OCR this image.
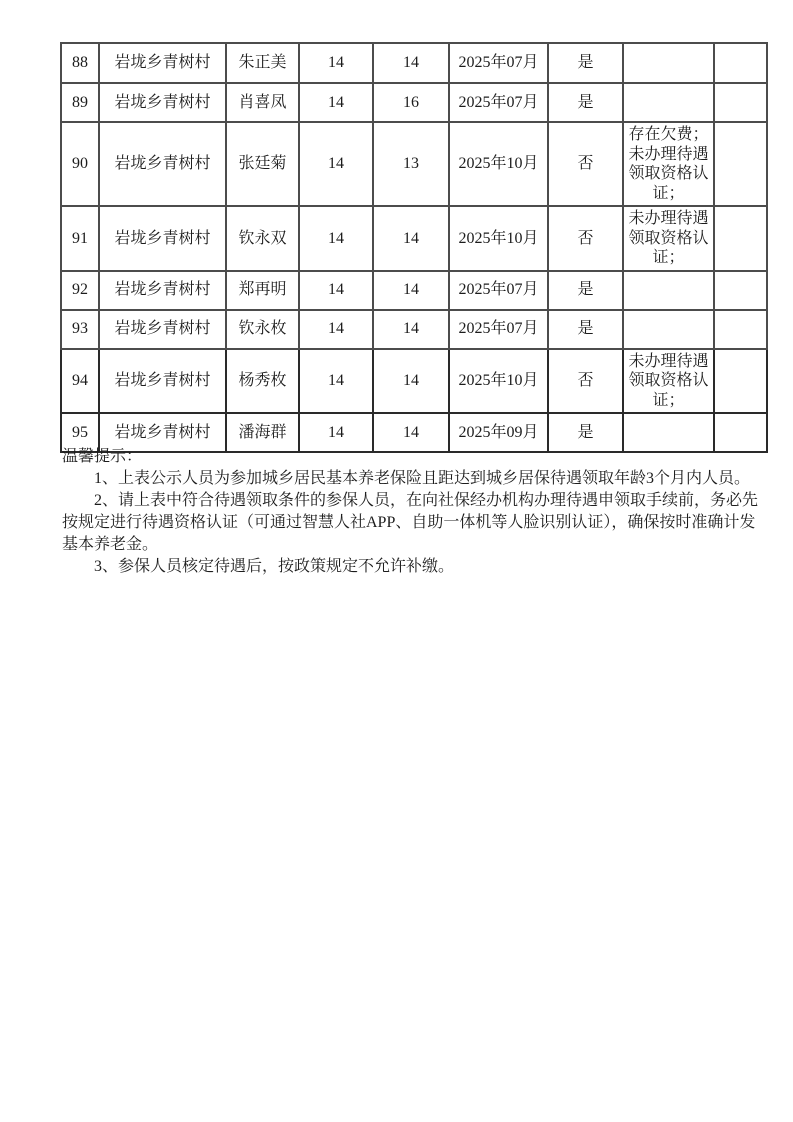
88	岩垅乡青树村	朱正美	14	14	2025年07月	是		
89	岩垅乡青树村	肖喜凤	14	16	2025年07月	是		
90	岩垅乡青树村	张廷菊	14	13	2025年10月	否	存在欠费；未办理待遇领取资格认证；	
91	岩垅乡青树村	钦永双	14	14	2025年10月	否	未办理待遇领取资格认证；	
92	岩垅乡青树村	郑再明	14	14	2025年07月	是		
93	岩垅乡青树村	钦永枚	14	14	2025年07月	是		
94	岩垅乡青树村	杨秀枚	14	14	2025年10月	否	未办理待遇领取资格认证；	
95	岩垅乡青树村	潘海群	14	14	2025年09月	是		

温馨提示：

1、上表公示人员为参加城乡居民基本养老保险且距达到城乡居保待遇领取年龄3个月内人员。

2、请上表中符合待遇领取条件的参保人员，在向社保经办机构办理待遇申领取手续前，务必先按规定进行待遇资格认证（可通过智慧人社APP、自助一体机等人脸识别认证），确保按时准确计发基本养老金。

3、参保人员核定待遇后，按政策规定不允许补缴。
